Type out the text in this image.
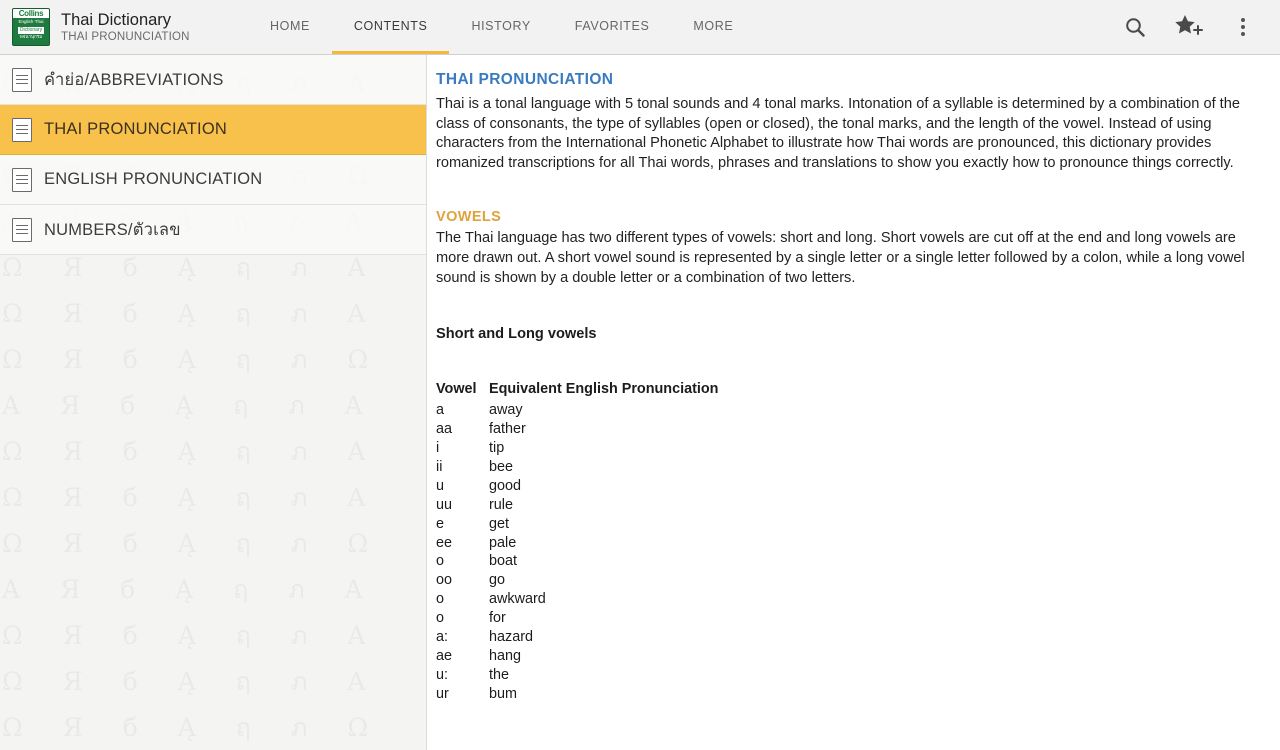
Collins
English·Thai
Dictionary
พจนานุกรม
Thai Dictionary
THAI PRONUNCIATION
HOME	CONTENTS	HISTORY	FAVORITES	MORE
คำย่อ/ABBREVIATIONS
THAI PRONUNCIATION
ENGLISH PRONUNCIATION
NUMBERS/ตัวเลข
THAI PRONUNCIATION

Thai is a tonal language with 5 tonal sounds and 4 tonal marks. Intonation of a syllable is determined by a combination of the class of consonants, the type of syllables (open or closed), the tonal marks, and the length of the vowel. Instead of using characters from the International Phonetic Alphabet to illustrate how Thai words are pronounced, this dictionary provides romanized transcriptions for all Thai words, phrases and translations to show you exactly how to pronounce things correctly.

VOWELS

The Thai language has two different types of vowels: short and long. Short vowels are cut off at the end and long vowels are more drawn out. A short vowel sound is represented by a single letter or a single letter followed by a colon, while a long vowel sound is shown by a double letter or a combination of two letters.

Short and Long vowels
Vowel	Equivalent English Pronunciation
a	away
aa	father
i	tip
ii	bee
u	good
uu	rule
e	get
ee	pale
o	boat
oo	go
o	awkward
o	for
a:	hazard
ae	hang
u:	the
ur	bum
